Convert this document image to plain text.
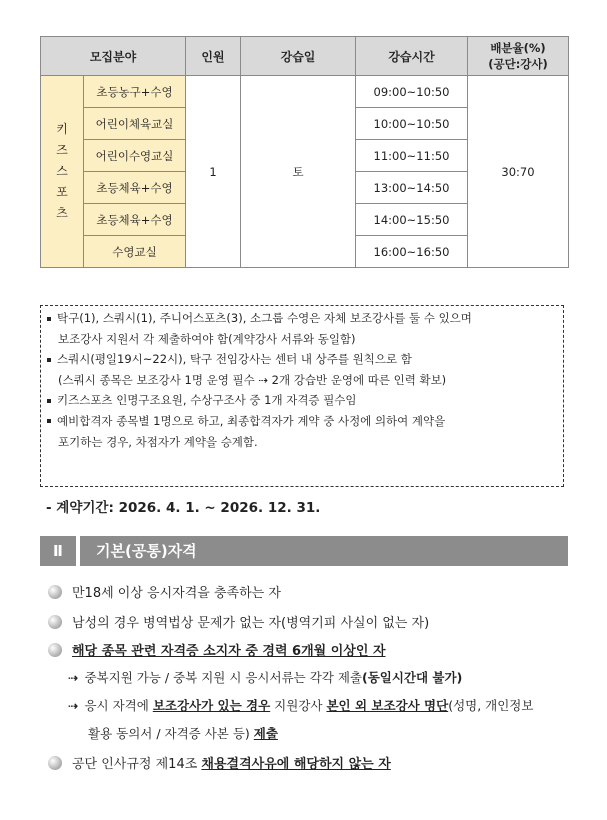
모집분야		인원	강습일	강습시간	배분율(%)
(공단:강사)

키즈스포츠	초등농구+수영	1	토	09:00~10:50	30:70
	어린이체육교실			10:00~10:50	
	어린이수영교실			11:00~11:50	
	초등체육+수영			13:00~14:50	
	초등체육+수영			14:00~15:50	
	수영교실			16:00~16:50	
탁구(1), 스쿼시(1), 주니어스포츠(3), 소그룹 수영은 자체 보조강사를 둘 수 있으며
보조강사 지원서 각 제출하여야 함(계약강사 서류와 동일함)
스쿼시(평일19시~22시), 탁구 전임강사는 센터 내 상주를 원칙으로 함
(스쿼시 종목은 보조강사 1명 운영 필수 ⇢ 2개 강습반 운영에 따른 인력 확보)
키즈스포츠 인명구조요원, 수상구조사 중 1개 자격증 필수임
예비합격자 종목별 1명으로 하고, 최종합격자가 계약 중 사정에 의하여 계약을
포기하는 경우, 차점자가 계약을 승계함.
- 계약기간: 2026. 4. 1. ~ 2026. 12. 31.
Ⅱ	기본(공통)자격
만18세 이상 응시자격을 충족하는 자
남성의 경우 병역법상 문제가 없는 자(병역기피 사실이 없는 자)
해당 종목 관련 자격증 소지자 중 경력 6개월 이상인 자
⇢ 중복지원 가능 / 중복 지원 시 응시서류는 각각 제출(동일시간대 불가)
⇢ 응시 자격에 보조강사가 있는 경우 지원강사 본인 외 보조강사 명단(성명, 개인정보
활용 동의서 / 자격증 사본 등) 제출
공단 인사규정 제14조 채용결격사유에 해당하지 않는 자
